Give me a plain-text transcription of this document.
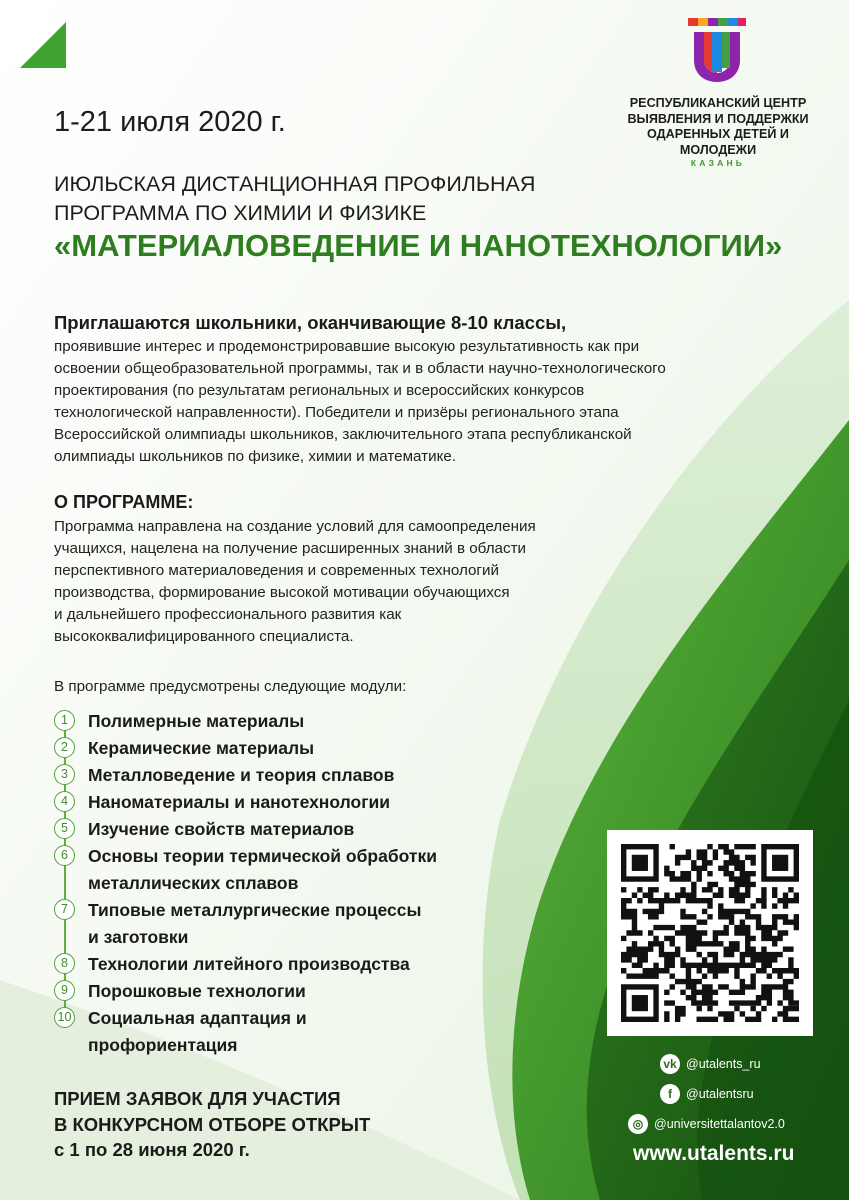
РЕСПУБЛИКАНСКИЙ ЦЕНТР
ВЫЯВЛЕНИЯ И ПОДДЕРЖКИ
ОДАРЕННЫХ ДЕТЕЙ И
МОЛОДЕЖИ
КАЗАНЬ
1-21 июля 2020 г.
ИЮЛЬСКАЯ ДИСТАНЦИОННАЯ ПРОФИЛЬНАЯ
ПРОГРАММА ПО ХИМИИ И ФИЗИКЕ
«МАТЕРИАЛОВЕДЕНИЕ И НАНОТЕХНОЛОГИИ»
Приглашаются школьники, оканчивающие 8-10 классы,
проявившие интерес и продемонстрировавшие высокую результативность как при
освоении общеобразовательной программы, так и в области научно-технологического
проектирования (по результатам региональных и всероссийских конкурсов
технологической направленности). Победители и призёры регионального этапа
Всероссийской олимпиады школьников, заключительного этапа республиканской
олимпиады школьников по физике, химии и математике.
О ПРОГРАММЕ:
Программа направлена на создание условий для самоопределения
учащихся, нацелена на получение расширенных знаний в области
перспективного материаловедения и современных технологий
производства, формирование высокой мотивации обучающихся
и дальнейшего профессионального развития как
высококвалифицированного специалиста.
В программе предусмотрены следующие модули:
1	Полимерные материалы
2	Керамические материалы
3	Металловедение и теория сплавов
4	Наноматериалы и нанотехнологии
5	Изучение свойств материалов
6	Основы теории термической обработки
металлических сплавов
7	Типовые металлургические процессы
и заготовки
8	Технологии литейного производства
9	Порошковые технологии
10 Социальная адаптация и
профориентация
vk @utalents_ru
f	@utalentsru
◎ @universitettalantov2.0
www.utalents.ru
ПРИЕМ ЗАЯВОК ДЛЯ УЧАСТИЯ
В КОНКУРСНОМ ОТБОРЕ ОТКРЫТ
с 1 по 28 июня 2020 г.
